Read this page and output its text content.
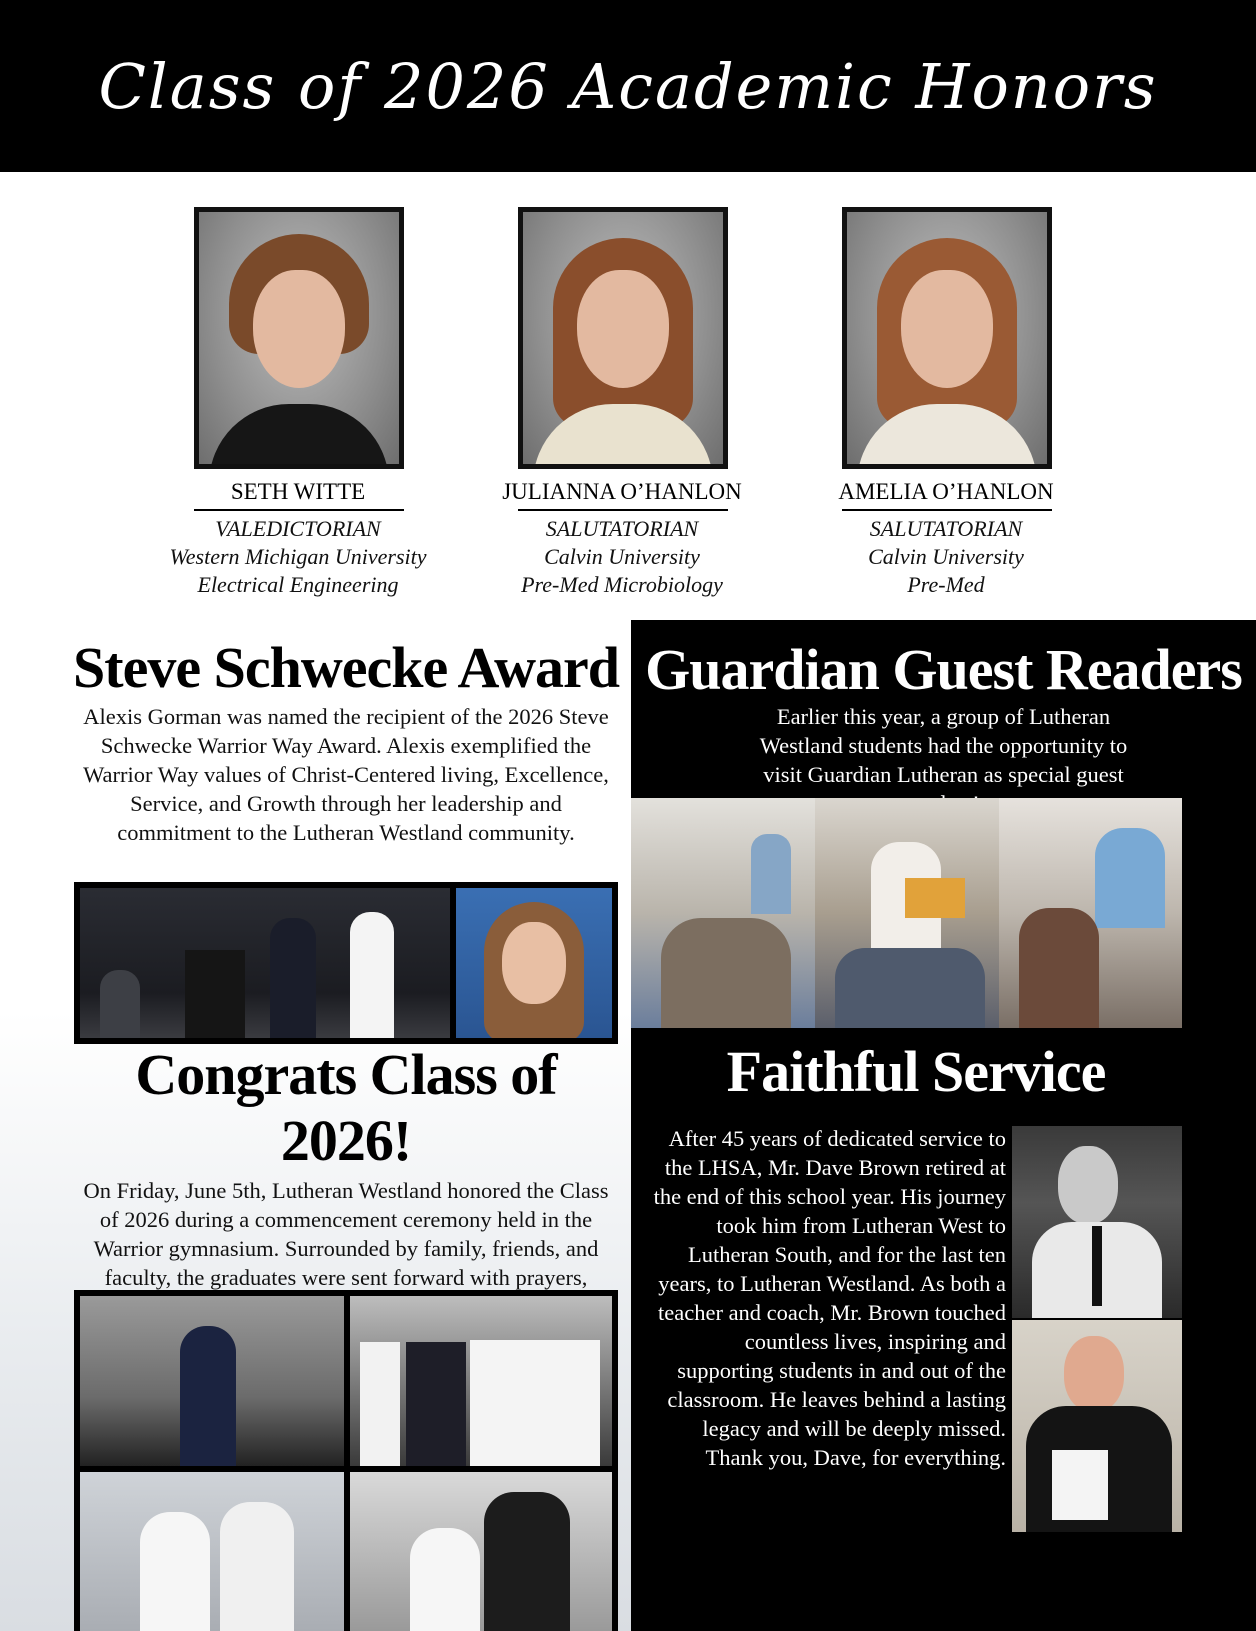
Class of 2026 Academic Honors
SETH WITTE
VALEDICTORIAN
Western Michigan University
Electrical Engineering
JULIANNA O’HANLON
SALUTATORIAN
Calvin University
Pre-Med Microbiology
AMELIA O’HANLON
SALUTATORIAN
Calvin University
Pre-Med
Steve Schwecke Award
Alexis Gorman was named the recipient of the 2026 Steve Schwecke Warrior Way Award. Alexis exemplified the Warrior Way values of Christ-Centered living, Excellence, Service, and Growth through her leadership and commitment to the Lutheran Westland community.
Congrats Class of 2026!
On Friday, June 5th, Lutheran Westland honored the Class of 2026 during a commencement ceremony held in the Warrior gymnasium. Surrounded by family, friends, and faculty, the graduates were sent forward with prayers,
Guardian Guest Readers
Earlier this year, a group of Lutheran Westland students had the opportunity to visit Guardian Lutheran as special guest
Faithful Service
After 45 years of dedicated service to the LHSA, Mr. Dave Brown retired at the end of this school year. His journey took him from Lutheran West to Lutheran South, and for the last ten years, to Lutheran Westland. As both a teacher and coach, Mr. Brown touched countless lives, inspiring and supporting students in and out of the classroom. He leaves behind a lasting legacy and will be deeply missed. Thank you, Dave, for everything.
